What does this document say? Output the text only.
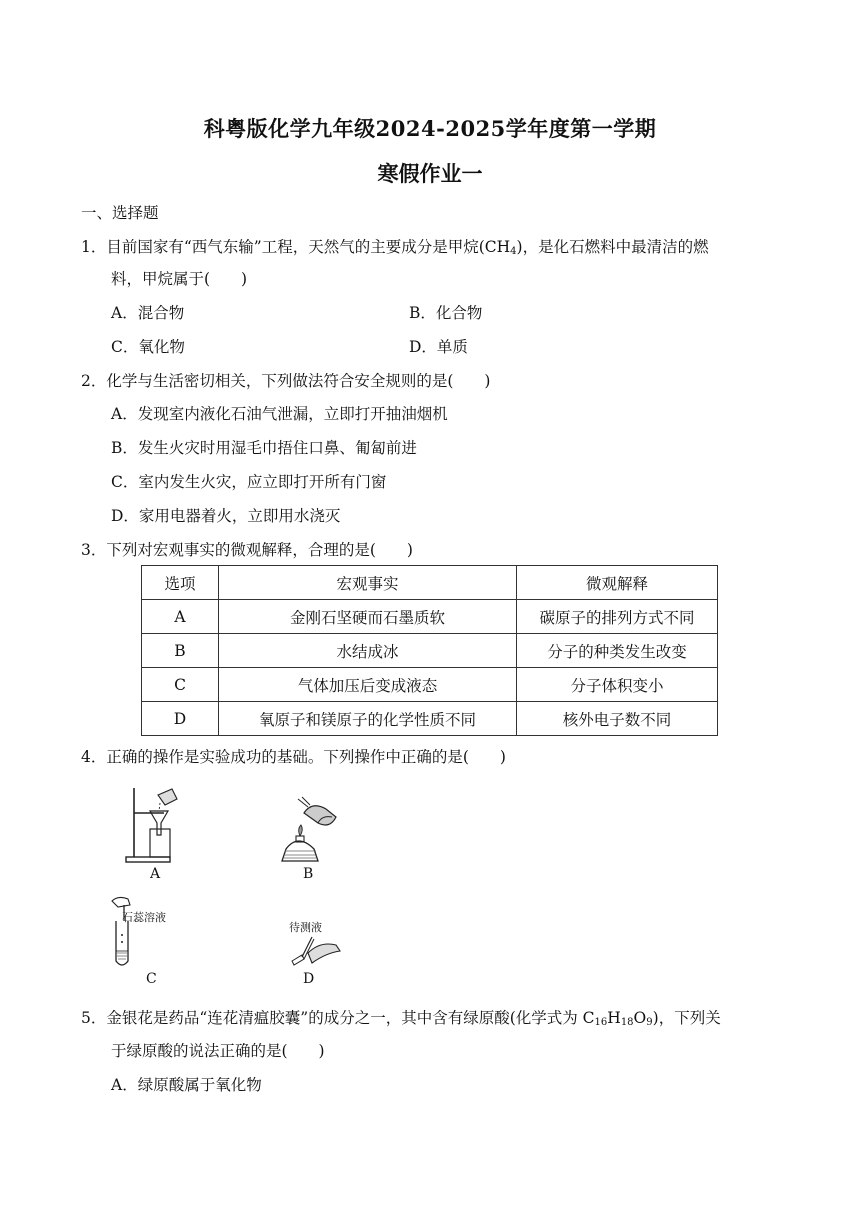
科粤版化学九年级2024-2025学年度第一学期
寒假作业一
一、选择题
1．目前国家有“西气东输”工程，天然气的主要成分是甲烷$(CH_4)$，是化石燃料中最清洁的燃
料，甲烷属于(　　)
A．混合物	B．化合物
C．氧化物	D．单质
2．化学与生活密切相关，下列做法符合安全规则的是(　　)
A．发现室内液化石油气泄漏，立即打开抽油烟机
B．发生火灾时用湿毛巾捂住口鼻、匍匐前进
C．室内发生火灾，应立即打开所有门窗
D．家用电器着火，立即用水浇灭
3．下列对宏观事实的微观解释，合理的是(　　)
选项	宏观事实	微观解释
A	金刚石坚硬而石墨质软	碳原子的排列方式不同
B	水结成冰	分子的种类发生改变
C	气体加压后变成液态	分子体积变小
D	氧原子和镁原子的化学性质不同	核外电子数不同
4．正确的操作是实验成功的基础。下列操作中正确的是(　　)
A	B
石蕊溶液
C
待测液
D
5．金银花是药品“连花清瘟胶囊”的成分之一，其中含有绿原酸(化学式为 $C_{16}H_{18}O_9$)，下列关
于绿原酸的说法正确的是(　　)
A．绿原酸属于氧化物
